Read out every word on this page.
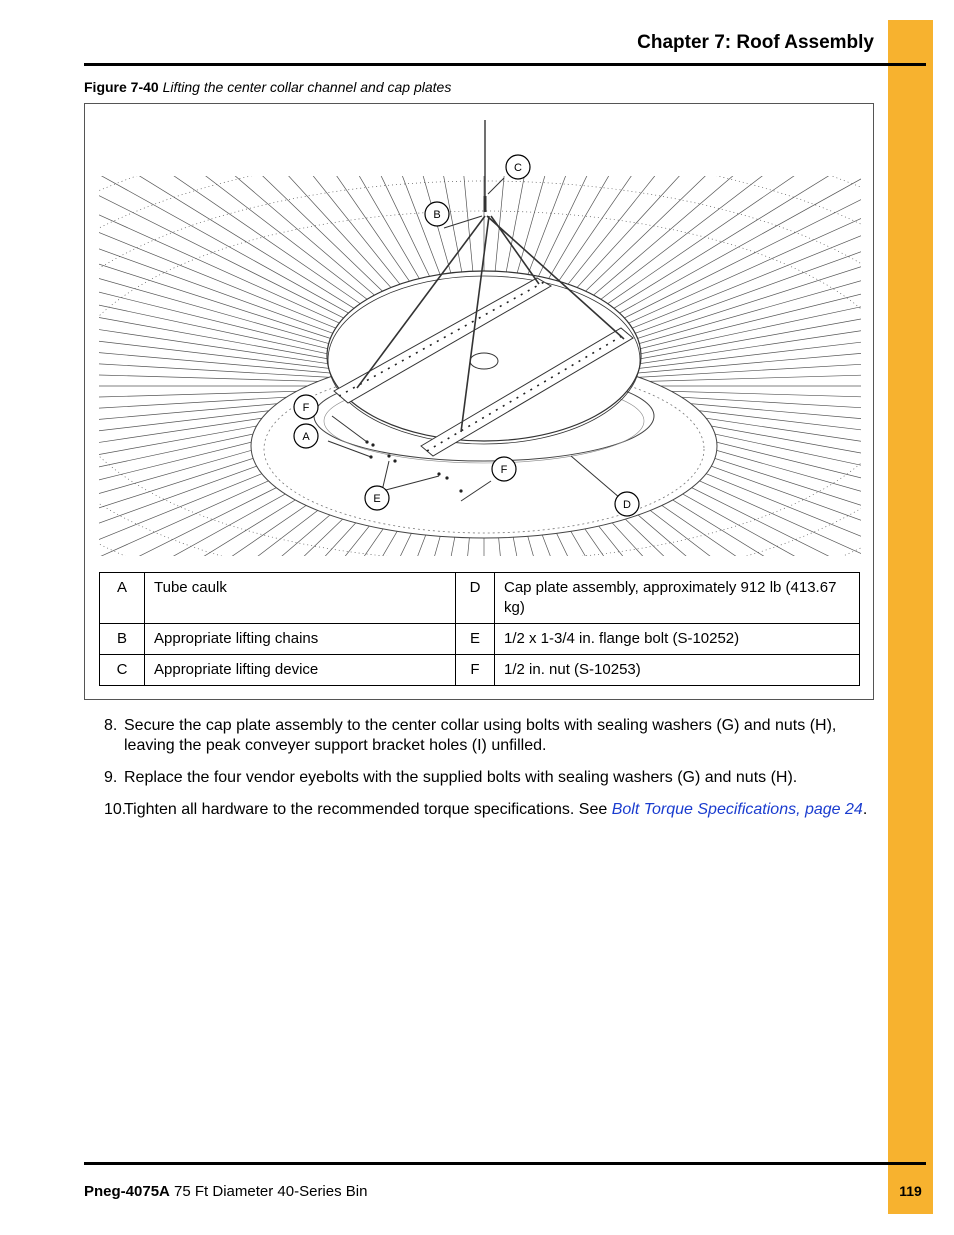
Chapter 7: Roof Assembly
Figure 7-40 Lifting the center collar channel and cap plates
C
B
F
A
F
E	D
A	Tube caulk	D	Cap plate assembly, approximately 912 lb (413.67 kg)
B	Appropriate lifting chains	E	1/2 x 1-3/4 in. flange bolt (S-10252)
C	Appropriate lifting device	F	1/2 in. nut (S-10253)
8. Secure the cap plate assembly to the center collar using bolts with sealing washers (G) and nuts (H), leaving the peak conveyer support bracket holes (I) unfilled.
9. Replace the four vendor eyebolts with the supplied bolts with sealing washers (G) and nuts (H).
10.
Tighten all hardware to the recommended torque specifications. See Bolt Torque Specifications, page 24.
Pneg-4075A 75 Ft Diameter 40-Series Bin	119
